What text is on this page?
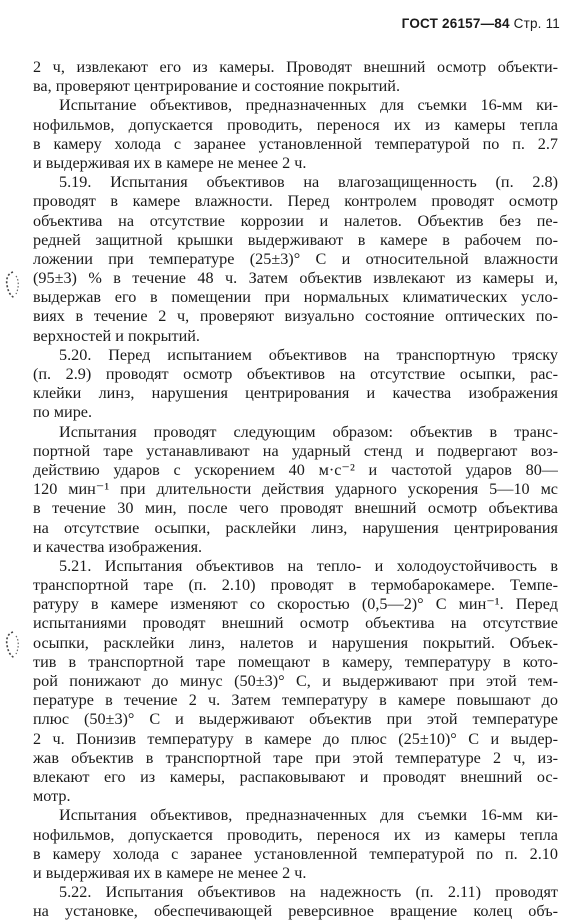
ГОСТ 26157—84 Стр. 11
2 ч, извлекают его из камеры. Проводят внешний осмотр объекти-
ва, проверяют центрирование и состояние покрытий.
Испытание объективов, предназначенных для съемки 16-мм ки-
нофильмов, допускается проводить, перенося их из камеры тепла
в камеру холода с заранее установленной температурой по п. 2.7
и выдерживая их в камере не менее 2 ч.
5.19. Испытания объективов на влагозащищенность (п. 2.8)
проводят в камере влажности. Перед контролем проводят осмотр
объектива на отсутствие коррозии и налетов. Объектив без пе-
редней защитной крышки выдерживают в камере в рабочем по-
ложении при температуре (25±3)° С и относительной влажности
(95±3) % в течение 48 ч. Затем объектив извлекают из камеры и,
выдержав его в помещении при нормальных климатических усло-
виях в течение 2 ч, проверяют визуально состояние оптических по-
верхностей и покрытий.
5.20. Перед испытанием объективов на транспортную тряску
(п. 2.9) проводят осмотр объективов на отсутствие осыпки, рас-
клейки линз, нарушения центрирования и качества изображения
по мире.
Испытания проводят следующим образом: объектив в транс-
портной таре устанавливают на ударный стенд и подвергают воз-
действию ударов с ускорением 40 м·с⁻² и частотой ударов 80—
120 мин⁻¹ при длительности действия ударного ускорения 5—10 мс
в течение 30 мин, после чего проводят внешний осмотр объектива
на отсутствие осыпки, расклейки линз, нарушения центрирования
и качества изображения.
5.21. Испытания объективов на тепло- и холодоустойчивость в
транспортной таре (п. 2.10) проводят в термобарокамере. Темпе-
ратуру в камере изменяют со скоростью (0,5—2)° С мин⁻¹. Перед
испытаниями проводят внешний осмотр объектива на отсутствие
осыпки, расклейки линз, налетов и нарушения покрытий. Объек-
тив в транспортной таре помещают в камеру, температуру в кото-
рой понижают до минус (50±3)° С, и выдерживают при этой тем-
пературе в течение 2 ч. Затем температуру в камере повышают до
плюс (50±3)° С и выдерживают объектив при этой температуре
2 ч. Понизив температуру в камере до плюс (25±10)° С и выдер-
жав объектив в транспортной таре при этой температуре 2 ч, из-
влекают его из камеры, распаковывают и проводят внешний ос-
мотр.
Испытания объективов, предназначенных для съемки 16-мм ки-
нофильмов, допускается проводить, перенося их из камеры тепла
в камеру холода с заранее установленной температурой по п. 2.10
и выдерживая их в камере не менее 2 ч.
5.22. Испытания объективов на надежность (п. 2.11) проводят
на установке, обеспечивающей реверсивное вращение колец объ-
